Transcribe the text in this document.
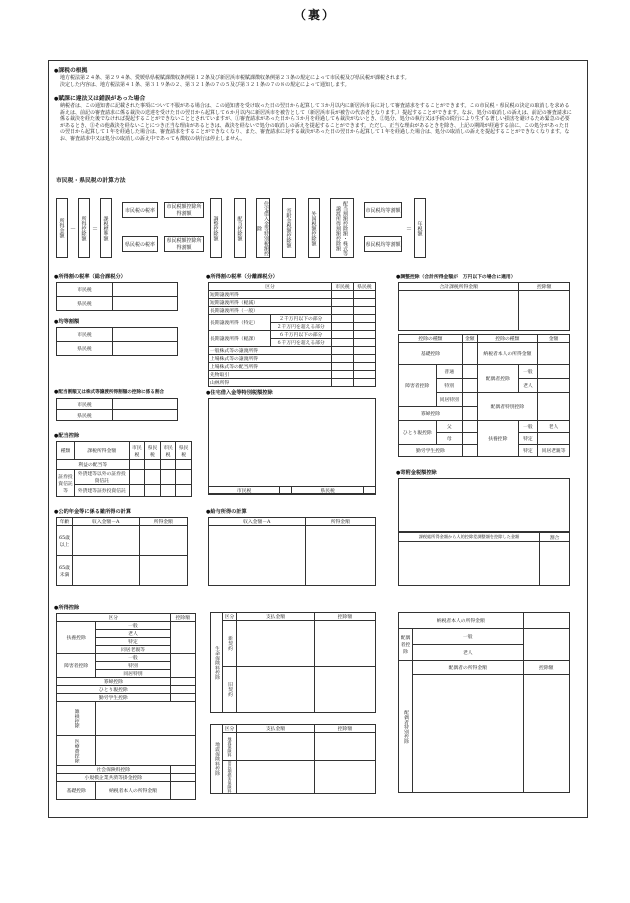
（裏）
● 課税の根拠
地方税法第２４条、第２９４条、愛媛県県税賦課徴収条例第１２条及び新居浜市税賦課徴収条例第２３条の規定によって市民税及び県民税が課税されます。
決定した内容は、地方税法第４１条、第３１９条の２、第３２１条の７の５及び第３２１条の７の８の規定によって通知します。
● 賦課に違法又は錯誤があった場合
納税者は、この通知書に記載された事項について不服がある場合は、この通知書を受け取った日の翌日から起算して３か月以内に新居浜市長に対して審査請求をすることができます。この市民税・県民税の決定の取消しを求める訴えは、前記の審査請求に係る裁決の送達を受けた日の翌日から起算して６か月以内に新居浜市を被告として（新居浜市長が被告の代表者となります。）提起することができます。なお、処分の取消しの訴えは、前記の審査請求に係る裁決を経た後でなければ提起することができないこととされていますが、①審査請求があった日から３か月を経過しても裁決がないとき、②処分、処分の執行又は手続の続行により生ずる著しい損害を避けるため緊急の必要があるとき、③その他裁決を経ないことにつき正当な理由があるときは、裁決を経ないで処分の取消しの訴えを提起することができます。ただし、正当な理由があるときを除き、上記の期間が経過する前に、この処分があった日の翌日から起算して１年を経過した場合は、審査請求をすることができなくなり、また、審査請求に対する裁決があった日の翌日から起算して１年を経過した場合は、処分の取消しの訴えを提起することができなくなります。なお、審査請求中又は処分の取消しの訴え中であっても徴収の執行は停止しません。
市民税・県民税の計算方法
所得金額 － 所得控除額 ＝ 課税標準額
市民税の税率
県民税の税率
市民税額控除所得割額
県民税額控除所得割額
調整控除額	配当控除額	住宅借入金等特別税額控除	寄附金税額控除額	外国税額控除額	配当割額控除額・株式等譲渡所得割額控除額	市民税均等割額
県民税均等割額
＝ 年税額
● 所得割の税率（総合課税分）
市民税	
県民税	
● 均等割額
市民税	
県民税	
● 配当割額又は株式等譲渡所得割額の控除に係る割合
市民税	
県民税	
● 配当控除
種類	課税所得金額	市民税	県民税	市民税	県民税
利益の配当等					
証券投資信託等	外貨建等以外の証券投資信託				
	外貨建等証券投資信託				
● 所得割の税率（分離課税分）
区分		市民税	県民税
短期譲渡所得			
短期譲渡所得（軽減）			
長期譲渡所得（一般）			
長期譲渡所得（特定）	２千万円以下の部分		
	２千万円を超える部分		
長期譲渡所得（軽課）	６千万円以下の部分		
	６千万円を超える部分		
一般株式等の譲渡所得			
上場株式等の譲渡所得			
上場株式等の配当所得			
先物取引			
山林所得			
● 住宅借入金等特別税額控除
市民税		県民税	
● 調整控除（合計所得金額が　万円以下の場合に適用）
合計課税所得金額	控除額

控除の種類		金額	控除の種類		金額
基礎控除			納税者本人の所得金額		
障害者控除	普通		配偶者控除	一般	
	特別			老人	
	同居特別		配偶者特別控除		
寡婦控除					
ひとり親控除	父		扶養控除	一般	老人
	母			特定	
勤労学生控除				特定	同居老親等
● 寄附金税額控除
課税総所得金額から人的控除差調整額を控除した金額	割合

● 公的年金等に係る雑所得の計算
年齢	収入金額－A	所得金額
65歳以上		
65歳未満		
● 給与所得の計算
収入金額－A	所得金額

● 所得控除
区分		控除額
扶養控除	一般	
	老人	
	特定	
	同居老親等	
障害者控除	一般	
	特別	
	同居特別	
寡婦控除		
ひとり親控除		
勤労学生控除		
雑損控除		
医療費控除		
社会保険料控除		
小規模企業共済等掛金控除		
基礎控除	納税者本人の所得金額	
生命保険料控除	区分	支払金額	控除額
	新契約		
	旧契約		
地震保険料控除	区分	支払金額	控除額
	地震保険料		
	旧長期損害保険料		
納税者本人の所得金額		
配偶者控除	一般	
	老人	
配偶者特別控除	配偶者の所得金額	控除額
